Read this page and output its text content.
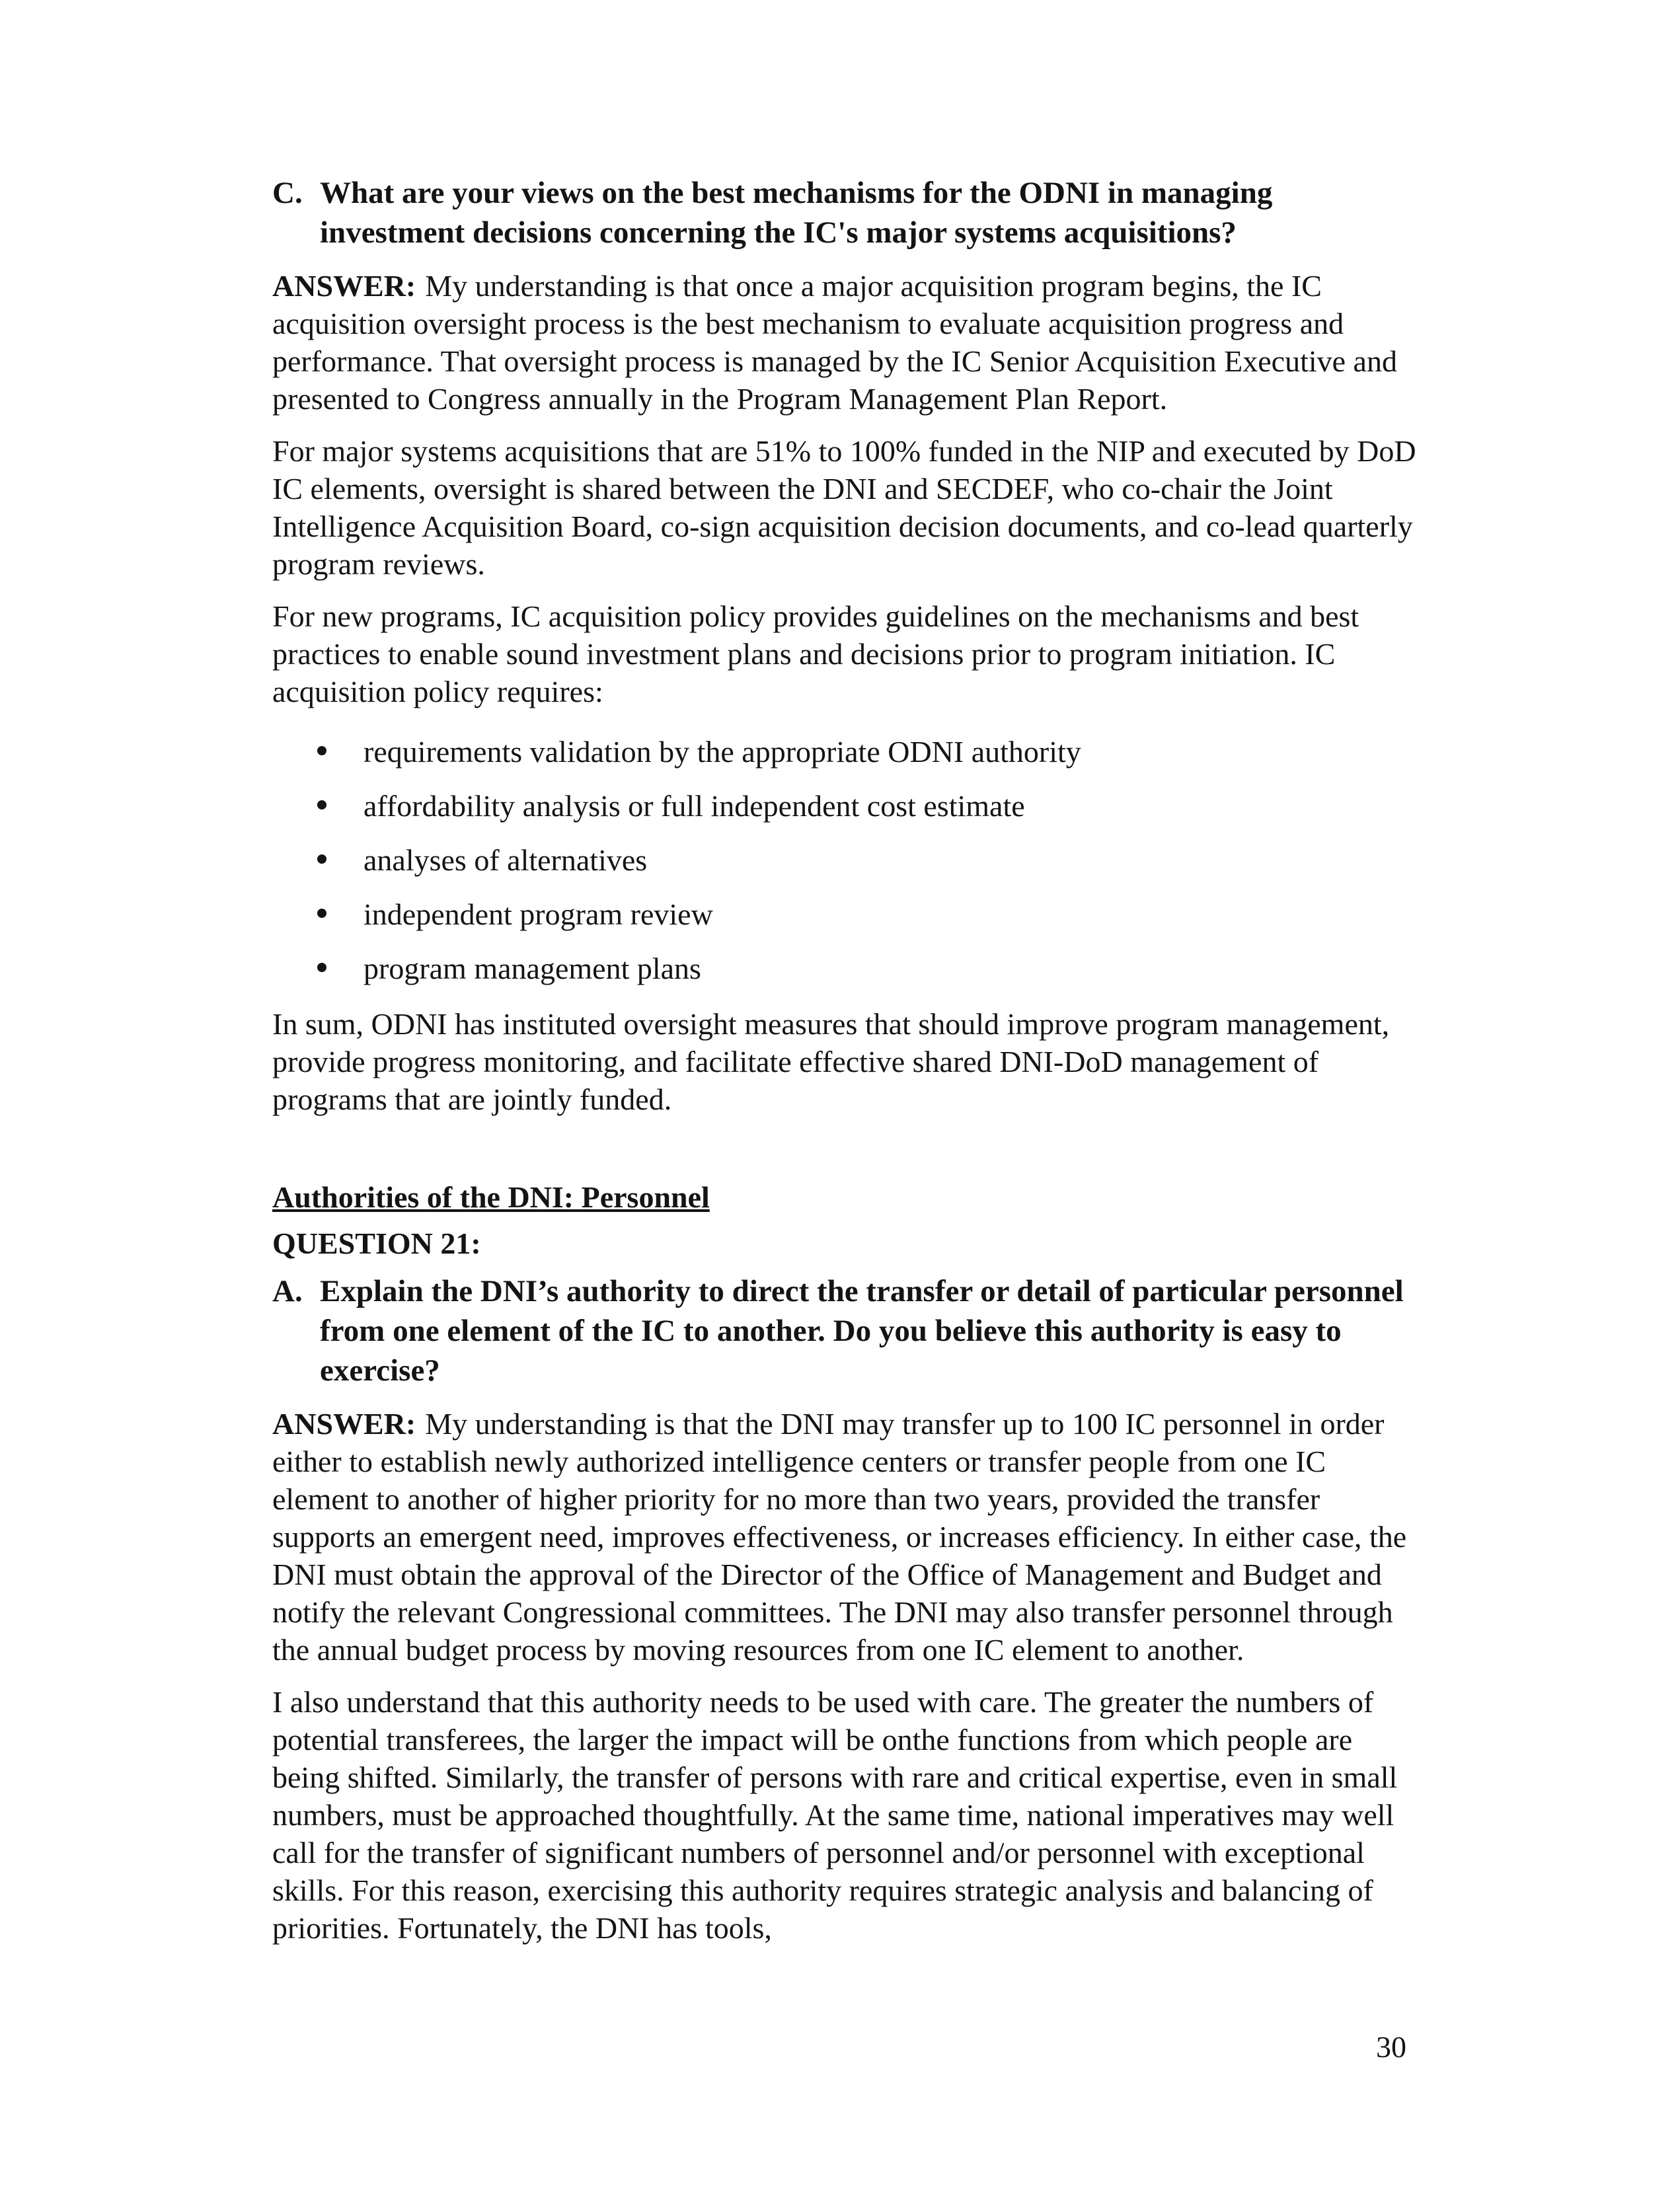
C. What are your views on the best mechanisms for the ODNI in managing investment decisions concerning the IC's major systems acquisitions?

ANSWER: My understanding is that once a major acquisition program begins, the IC acquisition oversight process is the best mechanism to evaluate acquisition progress and performance. That oversight process is managed by the IC Senior Acquisition Executive and presented to Congress annually in the Program Management Plan Report.

For major systems acquisitions that are 51% to 100% funded in the NIP and executed by DoD IC elements, oversight is shared between the DNI and SECDEF, who co-chair the Joint Intelligence Acquisition Board, co-sign acquisition decision documents, and co-lead quarterly program reviews.

For new programs, IC acquisition policy provides guidelines on the mechanisms and best practices to enable sound investment plans and decisions prior to program initiation. IC acquisition policy requires:

requirements validation by the appropriate ODNI authority
affordability analysis or full independent cost estimate
analyses of alternatives
independent program review
program management plans

In sum, ODNI has instituted oversight measures that should improve program management, provide progress monitoring, and facilitate effective shared DNI-DoD management of programs that are jointly funded.

Authorities of the DNI: Personnel
QUESTION 21:
A. Explain the DNI’s authority to direct the transfer or detail of particular personnel from one element of the IC to another. Do you believe this authority is easy to exercise?

ANSWER: My understanding is that the DNI may transfer up to 100 IC personnel in order either to establish newly authorized intelligence centers or transfer people from one IC element to another of higher priority for no more than two years, provided the transfer supports an emergent need, improves effectiveness, or increases efficiency. In either case, the DNI must obtain the approval of the Director of the Office of Management and Budget and notify the relevant Congressional committees. The DNI may also transfer personnel through the annual budget process by moving resources from one IC element to another.

I also understand that this authority needs to be used with care. The greater the numbers of potential transferees, the larger the impact will be onthe functions from which people are being shifted. Similarly, the transfer of persons with rare and critical expertise, even in small numbers, must be approached thoughtfully. At the same time, national imperatives may well call for the transfer of significant numbers of personnel and/or personnel with exceptional skills. For this reason, exercising this authority requires strategic analysis and balancing of priorities. Fortunately, the DNI has tools,

30
